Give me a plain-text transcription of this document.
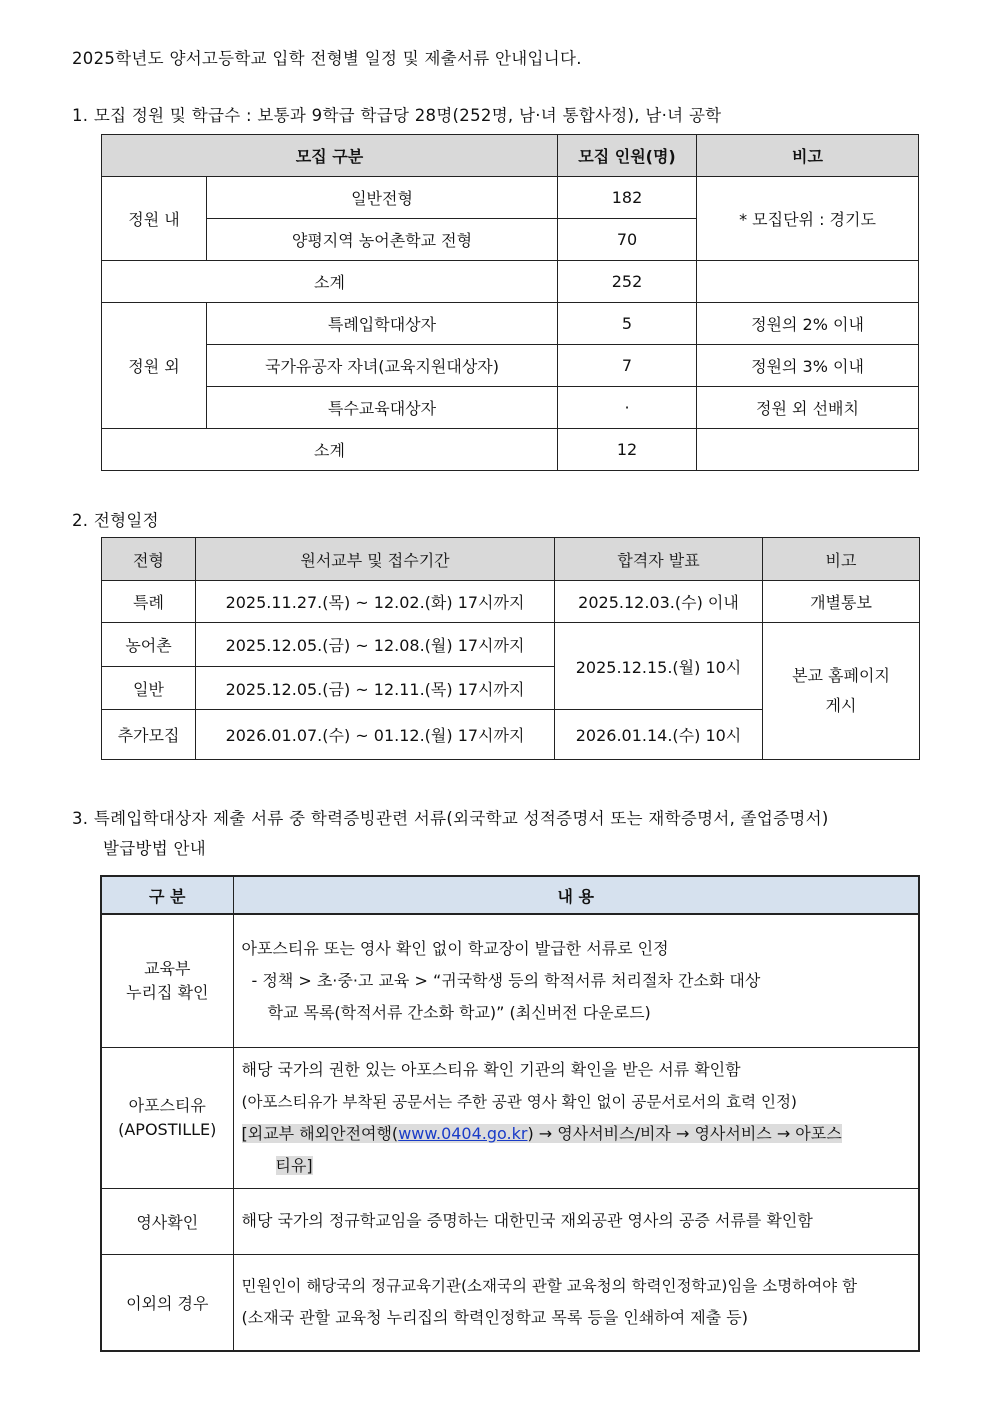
2025학년도 양서고등학교 입학 전형별 일정 및 제출서류 안내입니다.
1. 모집 정원 및 학급수 : 보통과 9학급 학급당 28명(252명, 남·녀 통합사정), 남·녀 공학
모집 구분		모집 인원(명)	비고
정원 내	일반전형	182	* 모집단위 : 경기도
	양평지역 농어촌학교 전형	70	
소계		252	
정원 외	특례입학대상자	5	정원의 2% 이내
	국가유공자 자녀(교육지원대상자)	7	정원의 3% 이내
	특수교육대상자	·	정원 외 선배치
소계		12	
2. 전형일정
전형	원서교부 및 접수기간	합격자 발표	비고
특례	2025.11.27.(목) ~ 12.02.(화) 17시까지	2025.12.03.(수) 이내	개별통보
농어촌	2025.12.05.(금) ~ 12.08.(월) 17시까지	2025.12.15.(월) 10시	본교 홈페이지
게시
일반	2025.12.05.(금) ~ 12.11.(목) 17시까지		
추가모집	2026.01.07.(수) ~ 01.12.(월) 17시까지	2026.01.14.(수) 10시	
3. 특례입학대상자 제출 서류 중 학력증빙관련 서류(외국학교 성적증명서 또는 재학증명서, 졸업증명서)
발급방법 안내
구 분	내 용
교육부
누리집 확인	아포스티유 또는 영사 확인 없이 학교장이 발급한 서류로 인정
- 정책 > 초·중·고 교육 > “귀국학생 등의 학적서류 처리절차 간소화 대상
학교 목록(학적서류 간소화 학교)” (최신버전 다운로드)

아포스티유
(APOSTILLE)	해당 국가의 권한 있는 아포스티유 확인 기관의 확인을 받은 서류 확인함
(아포스티유가 부착된 공문서는 주한 공관 영사 확인 없이 공문서로서의 효력 인정)
[외교부 해외안전여행(www.0404.go.kr) → 영사서비스/비자 → 영사서비스 → 아포스
티유]

영사확인	해당 국가의 정규학교임을 증명하는 대한민국 재외공관 영사의 공증 서류를 확인함
이외의 경우	민원인이 해당국의 정규교육기관(소재국의 관할 교육청의 학력인정학교)임을 소명하여야 함
(소재국 관할 교육청 누리집의 학력인정학교 목록 등을 인쇄하여 제출 등)
